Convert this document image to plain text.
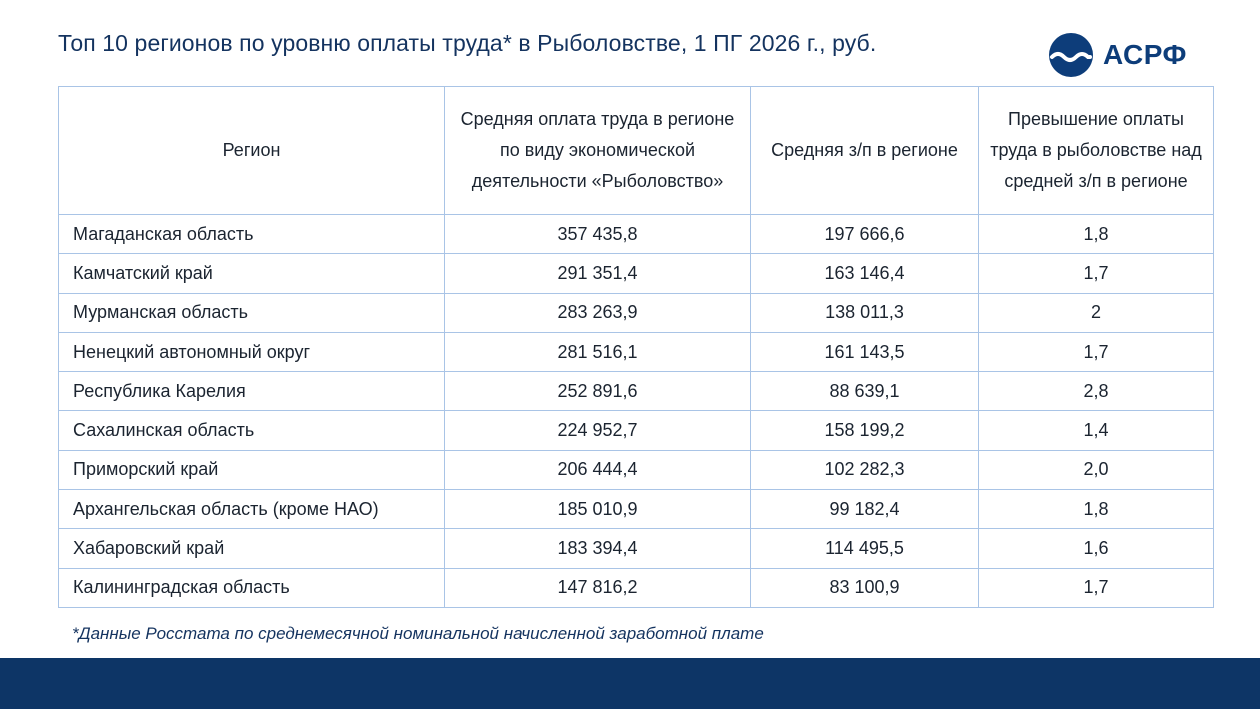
Топ 10 регионов по уровню оплаты труда* в Рыболовстве, 1 ПГ 2026 г., руб.	АСРФ
Регион	Средняя оплата труда в регионе по виду экономической деятельности «Рыболовство»	Средняя з/п в регионе	Превышение оплаты труда в рыболовстве над средней з/п в регионе
Магаданская область	357 435,8	197 666,6	1,8
Камчатский край	291 351,4	163 146,4	1,7
Мурманская область	283 263,9	138 011,3	2
Ненецкий автономный округ	281 516,1	161 143,5	1,7
Республика Карелия	252 891,6	88 639,1	2,8
Сахалинская область	224 952,7	158 199,2	1,4
Приморский край	206 444,4	102 282,3	2,0
Архангельская область (кроме НАО)	185 010,9	99 182,4	1,8
Хабаровский край	183 394,4	114 495,5	1,6
Калининградская область	147 816,2	83 100,9	1,7
*Данные Росстата по среднемесячной номинальной начисленной заработной плате
